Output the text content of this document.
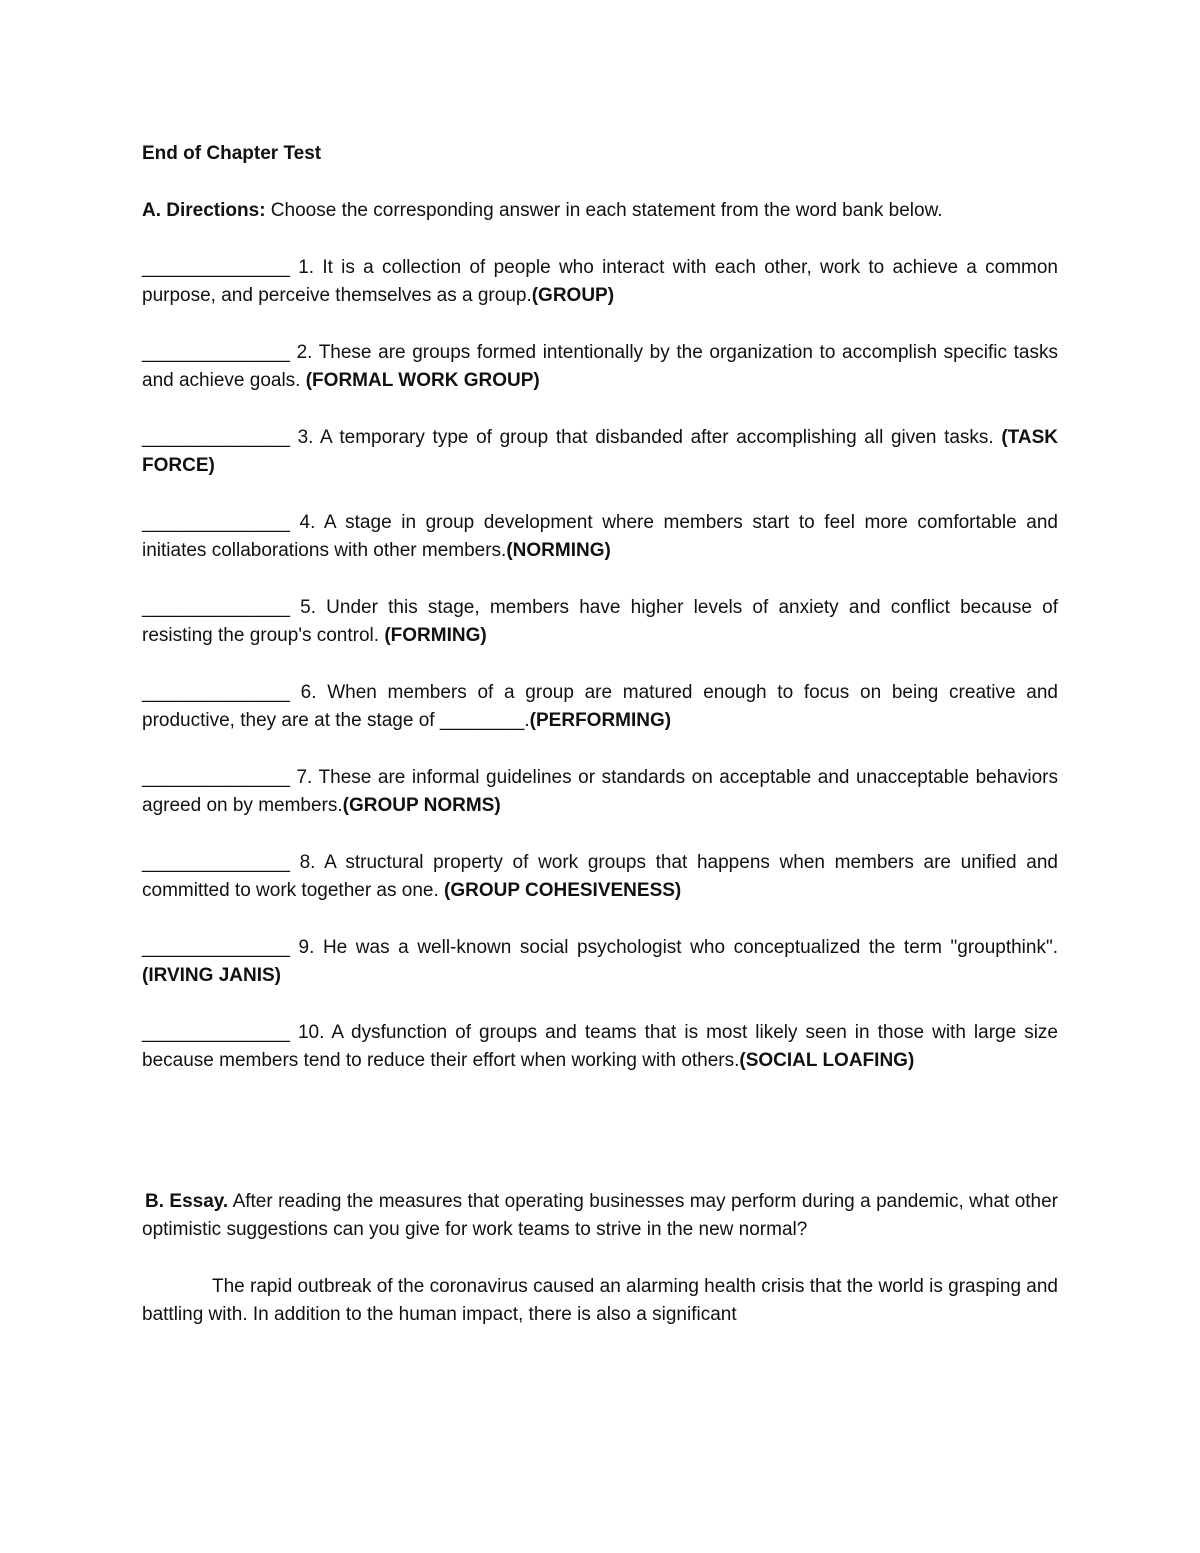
End of Chapter Test
A. Directions: Choose the corresponding answer in each statement from the word bank below.
______________ 1. It is a collection of people who interact with each other, work to achieve a common purpose, and perceive themselves as a group.(GROUP)
______________ 2. These are groups formed intentionally by the organization to accomplish specific tasks and achieve goals. (FORMAL WORK GROUP)
______________ 3. A temporary type of group that disbanded after accomplishing all given tasks. (TASK FORCE)
______________ 4. A stage in group development where members start to feel more comfortable and initiates collaborations with other members.(NORMING)
______________ 5. Under this stage, members have higher levels of anxiety and conflict because of resisting the group's control. (FORMING)
______________ 6. When members of a group are matured enough to focus on being creative and productive, they are at the stage of ________.(PERFORMING)
______________ 7. These are informal guidelines or standards on acceptable and unacceptable behaviors agreed on by members.(GROUP NORMS)
______________ 8. A structural property of work groups that happens when members are unified and committed to work together as one. (GROUP COHESIVENESS)
______________ 9. He was a well-known social psychologist who conceptualized the term "groupthink".(IRVING JANIS)
______________ 10. A dysfunction of groups and teams that is most likely seen in those with large size because members tend to reduce their effort when working with others.(SOCIAL LOAFING)
B. Essay. After reading the measures that operating businesses may perform during a pandemic, what other optimistic suggestions can you give for work teams to strive in the new normal?

The rapid outbreak of the coronavirus caused an alarming health crisis that the world is grasping and battling with. In addition to the human impact, there is also a significant
